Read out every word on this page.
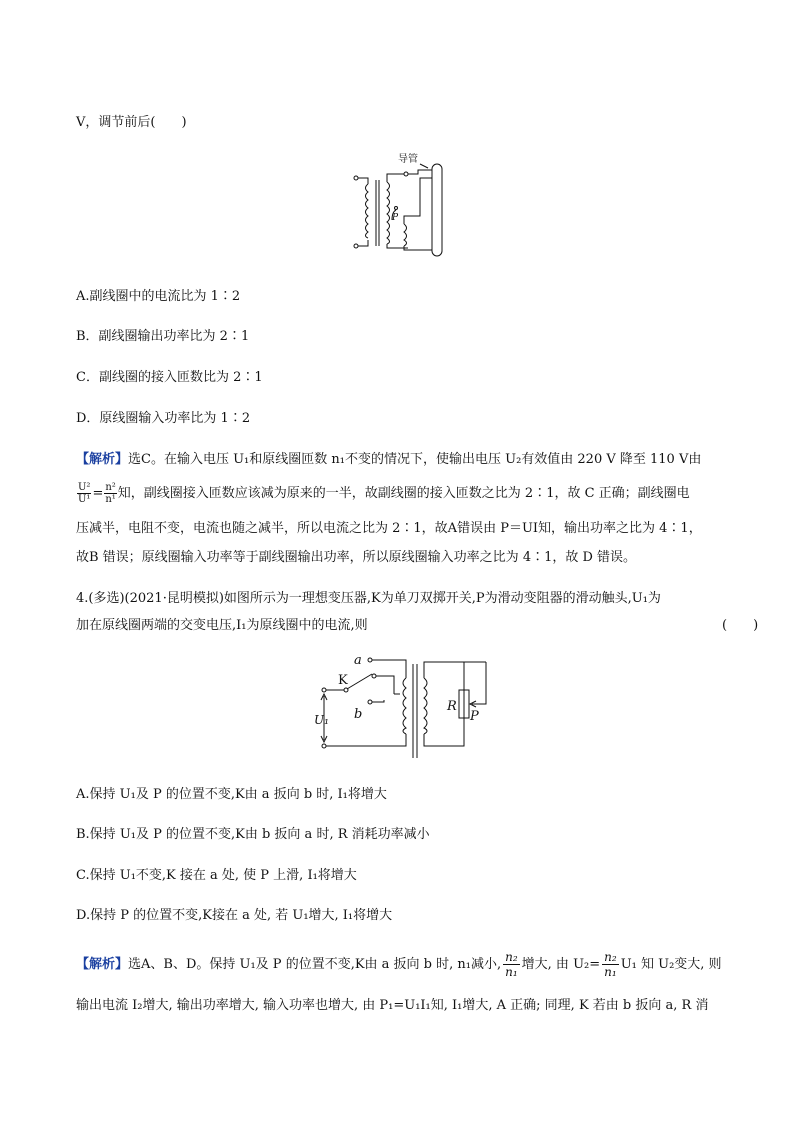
V，调节前后(　　)
导管
P
A.副线圈中的电流比为 1∶2
B．副线圈输出功率比为 2∶1
C．副线圈的接入匝数比为 2∶1
D．原线圈输入功率比为 1∶2
【解析】选C。在输入电压 U₁和原线圈匝数 n₁不变的情况下，使输出电压 U₂有效值由 220 V 降至 110 V由
$\frac{\text{U²}}{\text{U¹}} = \frac{\text{n²}}{\text{n¹}}$ 知，副线圈接入匝数应该减为原来的一半，故副线圈的接入匝数之比为 2∶1，故 C 正确；副线圈电
压减半，电阻不变，电流也随之减半，所以电流之比为 2∶1，故A错误由 P＝UI知，输出功率之比为 4∶1，
故B 错误；原线圈输入功率等于副线圈输出功率，所以原线圈输入功率之比为 4∶1，故 D 错误。
4.(多选)(2021·昆明模拟)如图所示为一理想变压器,K为单刀双掷开关,P为滑动变阻器的滑动触头,U₁为
加在原线圈两端的交变电压,I₁为原线圈中的电流,则	(　　)
a
b
K
U₁
R
P
A.保持 U₁及 P 的位置不变,K由 a 扳向 b 时, I₁将增大
B.保持 U₁及 P 的位置不变,K由 b 扳向 a 时, R 消耗功率减小
C.保持 U₁不变,K 接在 a 处, 使 P 上滑, I₁将增大
D.保持 P 的位置不变,K接在 a 处, 若 U₁增大, I₁将增大
【解析】选A、B、D。保持 U₁及 P 的位置不变,K由 a 扳向 b 时, n₁减小, $\frac{\text{n₂}}{\text{n₁}}$ 增大, 由 $U_2= \frac{\text{n₂}}{\text{n₁}} U_1$ 知 U₂变大, 则
输出电流 I₂增大, 输出功率增大, 输入功率也增大, 由 P₁=U₁I₁知, I₁增大, A 正确; 同理, K 若由 b 扳向 a, R 消
